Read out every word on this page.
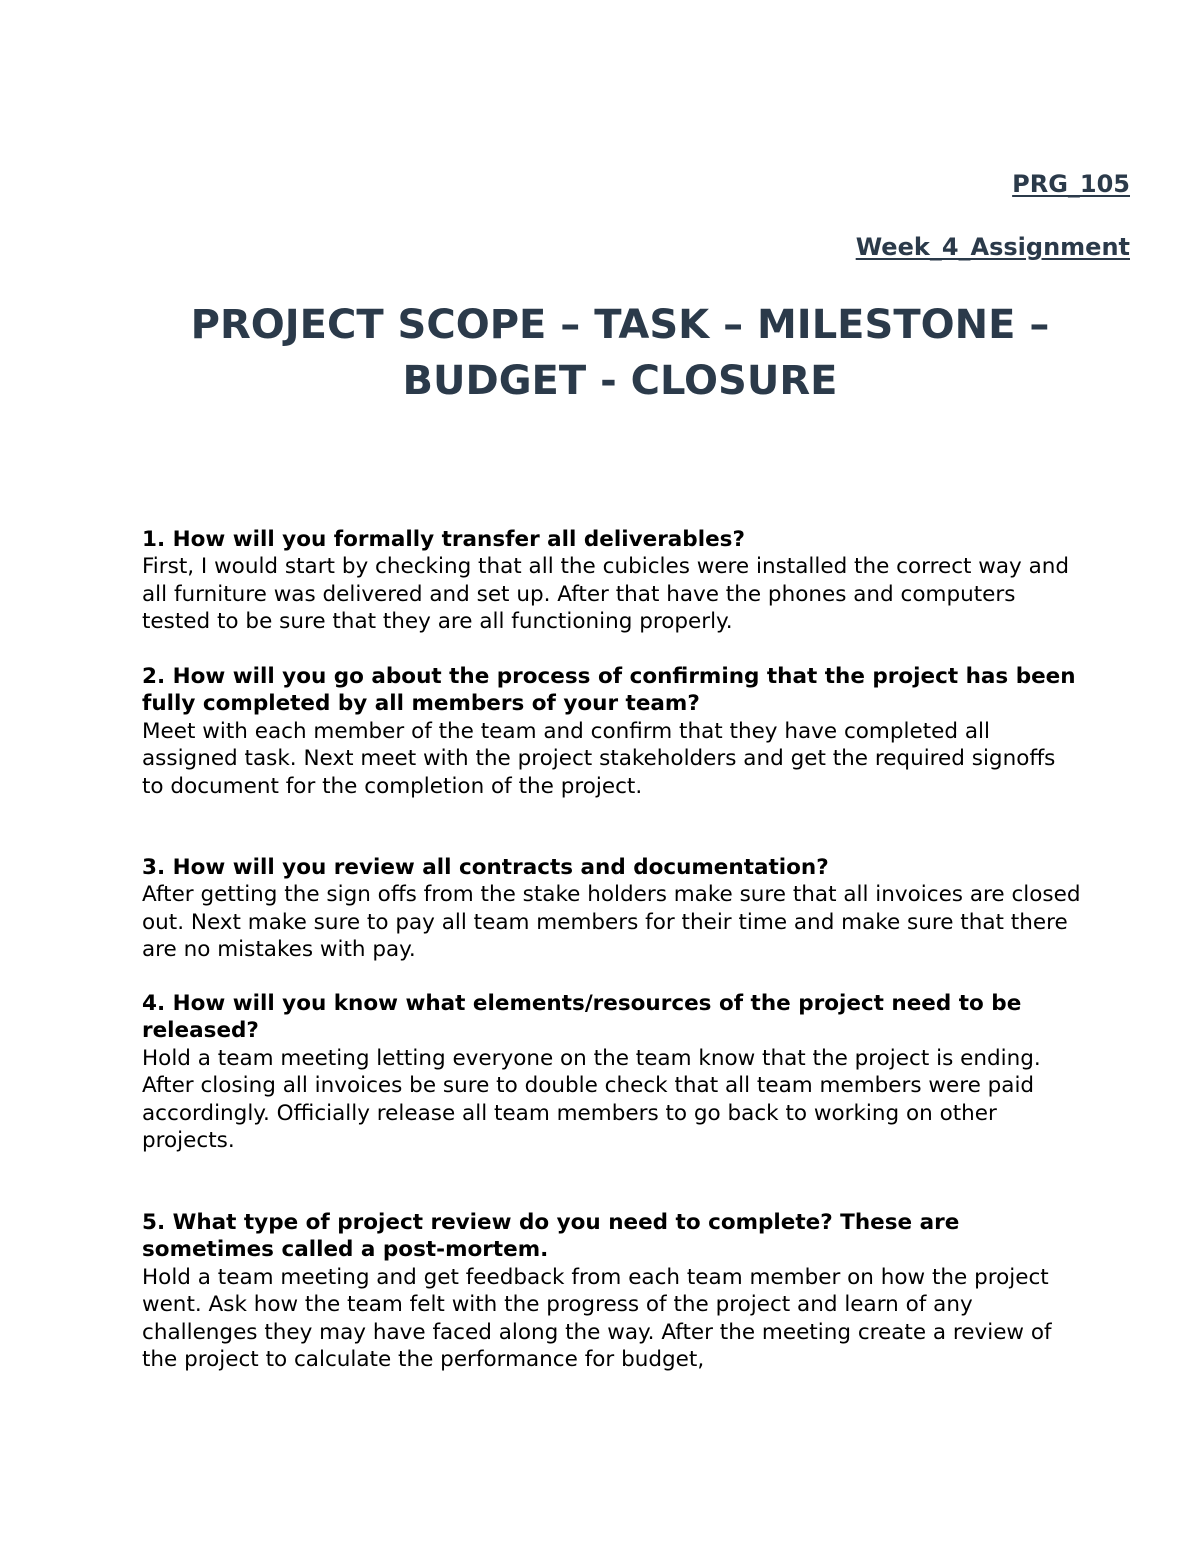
PRG_105
Week_4_Assignment
PROJECT SCOPE – TASK – MILESTONE – BUDGET - CLOSURE

1. How will you formally transfer all deliverables?

First, I would start by checking that all the cubicles were installed the correct way and all furniture was delivered and set up. After that have the phones and computers tested to be sure that they are all functioning properly.

2. How will you go about the process of confirming that the project has been fully completed by all members of your team?

Meet with each member of the team and confirm that they have completed all assigned task. Next meet with the project stakeholders and get the required signoffs to document for the completion of the project.

3. How will you review all contracts and documentation?

After getting the sign offs from the stake holders make sure that all invoices are closed out. Next make sure to pay all team members for their time and make sure that there are no mistakes with pay.

4. How will you know what elements/resources of the project need to be released?

Hold a team meeting letting everyone on the team know that the project is ending. After closing all invoices be sure to double check that all team members were paid accordingly. Officially release all team members to go back to working on other projects.

5. What type of project review do you need to complete? These are sometimes called a post-mortem.

Hold a team meeting and get feedback from each team member on how the project went. Ask how the team felt with the progress of the project and learn of any challenges they may have faced along the way. After the meeting create a review of the project to calculate the performance for budget,
